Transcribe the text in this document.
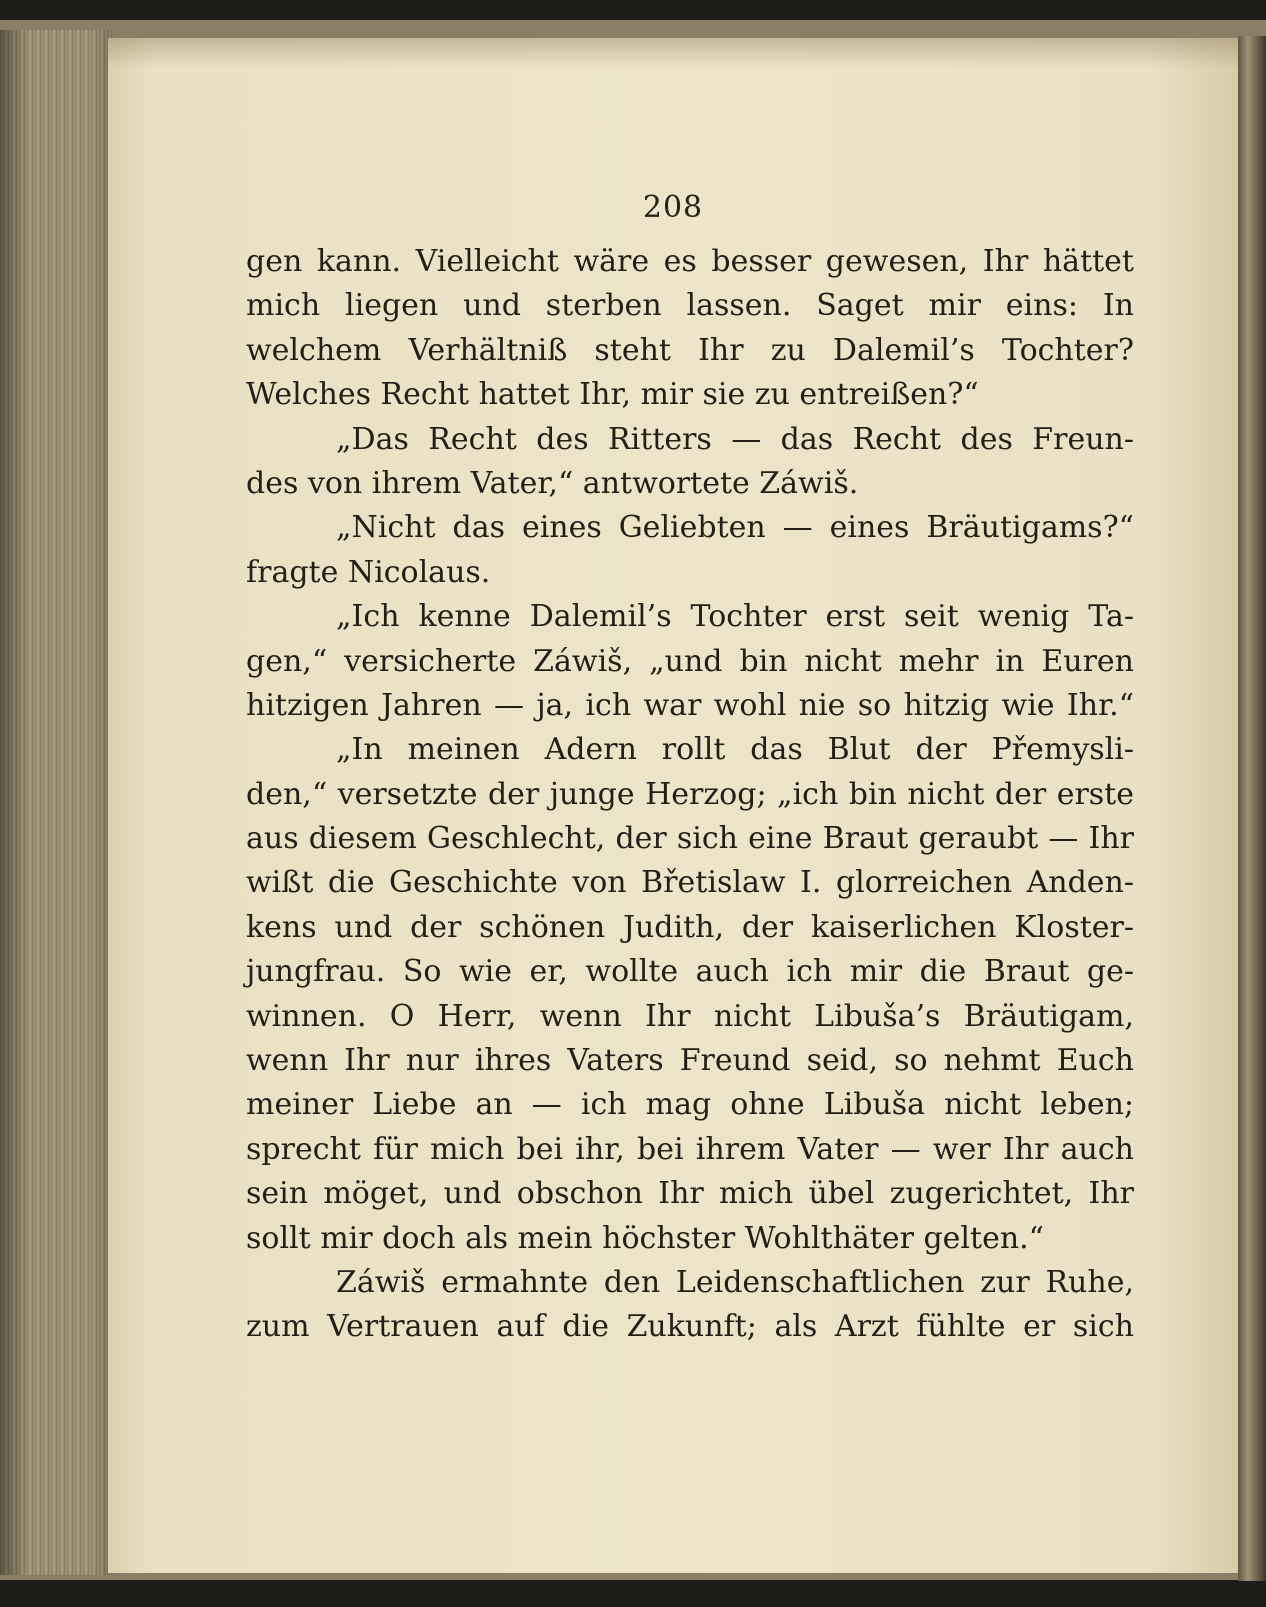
208
gen kann. Vielleicht wäre es besser gewesen, Ihr hättet
mich liegen und sterben lassen. Saget mir eins: In
welchem Verhältniß steht Ihr zu Dalemil’s Tochter?
Welches Recht hattet Ihr, mir sie zu entreißen?“
„Das Recht des Ritters — das Recht des Freun-
des von ihrem Vater,“ antwortete Záwiš.
„Nicht das eines Geliebten — eines Bräutigams?“
fragte Nicolaus.
„Ich kenne Dalemil’s Tochter erst seit wenig Ta-
gen,“ versicherte Záwiš, „und bin nicht mehr in Euren
hitzigen Jahren — ja, ich war wohl nie so hitzig wie Ihr.“
„In meinen Adern rollt das Blut der Přemysli-
den,“ versetzte der junge Herzog; „ich bin nicht der erste
aus diesem Geschlecht, der sich eine Braut geraubt — Ihr
wißt die Geschichte von Břetislaw I. glorreichen Anden-
kens und der schönen Judith, der kaiserlichen Kloster-
jungfrau. So wie er, wollte auch ich mir die Braut ge-
winnen. O Herr, wenn Ihr nicht Libuša’s Bräutigam,
wenn Ihr nur ihres Vaters Freund seid, so nehmt Euch
meiner Liebe an — ich mag ohne Libuša nicht leben;
sprecht für mich bei ihr, bei ihrem Vater — wer Ihr auch
sein möget, und obschon Ihr mich übel zugerichtet, Ihr
sollt mir doch als mein höchster Wohlthäter gelten.“
Záwiš ermahnte den Leidenschaftlichen zur Ruhe,
zum Vertrauen auf die Zukunft; als Arzt fühlte er sich
